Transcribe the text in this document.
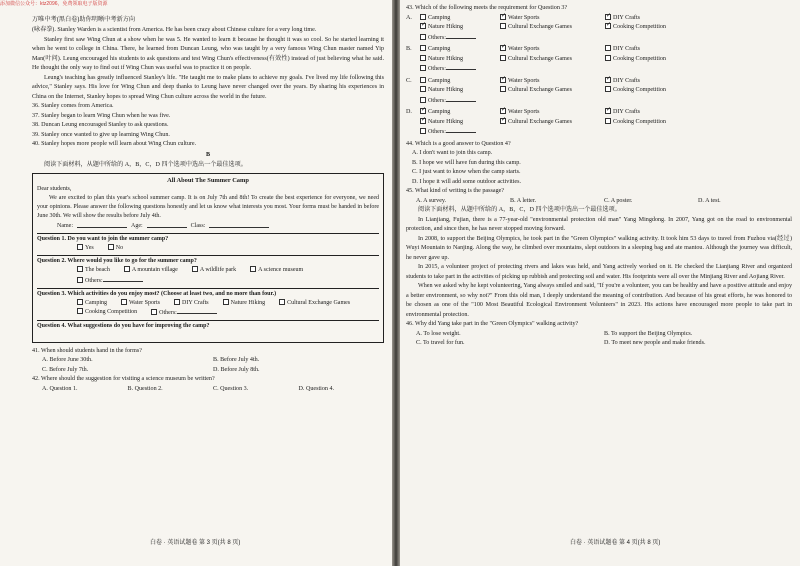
添加微信公众号：ktz2096，免费领取电子版资源
万唯中考(黑白卷)助你明晰中考新方向

(咏春拳). Stanley Warden is a scientist from America. He has been crazy about Chinese culture for a very long time.

Stanley first saw Wing Chun at a show when he was 5. He wanted to learn it because he thought it was so cool. So he started learning it when he went to college in China. There, he learned from Duncan Leung, who was taught by a very famous Wing Chun master named Yip Man(叶问). Leung encouraged his students to ask questions and test Wing Chun's effectiveness(有效性) instead of just believing what he said. He thought the only way to find out if Wing Chun was useful was to practice it on people.

Leung's teaching has greatly influenced Stanley's life. "He taught me to make plans to achieve my goals. I've lived my life following this advice," Stanley says. His love for Wing Chun and deep thanks to Leung have never changed over the years. By sharing his experiences in China on the Internet, Stanley hopes to spread Wing Chun culture across the world in the future.

36. Stanley comes from America.
37. Stanley began to learn Wing Chun when he was five.
38. Duncan Leung encouraged Stanley to ask questions.
39. Stanley once wanted to give up learning Wing Chun.
40. Stanley hopes more people will learn about Wing Chun culture.
B
阅读下面材料，从题中所给的 A，B，C，D 四个选项中选出一个最佳选项。
All About The Summer Camp
Dear students,

We are excited to plan this year's school summer camp. It is on July 7th and 8th! To create the best experience for everyone, we need your opinions. Please answer the following questions honestly and let us know what interests you most. Your forms must be handed in before June 30th. We will show the results before July 4th.

Name:	Age:	Class:
Question 1. Do you want to join the summer camp?
Yes	No
Question 2. Where would you like to go for the summer camp?
The beach	A mountain village	A wildlife park	A science museum
Others:
Question 3. Which activities do you enjoy most? (Choose at least two, and no more than four.)
Camping	Water Sports	DIY Crafts	Nature Hiking	Cultural Exchange Games
Cooking Competition	Others:
Question 4. What suggestions do you have for improving the camp?
41. When should students hand in the forms?
A. Before June 30th.	B. Before July 4th.
C. Before July 7th.	D. Before July 8th.
42. Where should the suggestion for visiting a science museum be written?
A. Question 1.	B. Question 2.	C. Question 3.	D. Question 4.
白卷 · 英语试题卷 第 3 页(共 8 页)
43. Which of the following meets the requirement for Question 3?
A.	Camping ✓	Water Sports ✓	DIY Crafts
✓Nature Hiking	Cultural Exchange Games ✓	Cooking Competition
Others:
B.	Camping ✓	Water Sports	DIY Crafts
Nature Hiking	Cultural Exchange Games	Cooking Competition
Others:
C.	Camping ✓	Water Sports ✓	DIY Crafts
Nature Hiking	Cultural Exchange Games	Cooking Competition
Others:
D. ✓	Camping ✓	Water Sports ✓	DIY Crafts
✓Nature Hiking ✓	Cultural Exchange Games	Cooking Competition
Others:
44. Which is a good answer to Question 4?
A. I don't want to join this camp.
B. I hope we will have fun during this camp.
C. I just want to know when the camp starts.
D. I hope it will add some outdoor activities.
45. What kind of writing is the passage?
A. A survey.	B. A letter.	C. A poster.	D. A test.
阅读下面材料，从题中所给的 A，B，C，D 四个选项中选出一个最佳选项。

In Lianjiang, Fujian, there is a 77-year-old "environmental protection old man" Yang Mingdong. In 2007, Yang got on the road to environmental protection, and since then, he has never stopped moving forward.

In 2008, to support the Beijing Olympics, he took part in the "Green Olympics" walking activity. It took him 53 days to travel from Fuzhou via(经过) Wuyi Mountain to Nanjing. Along the way, he climbed over mountains, slept outdoors in a sleeping bag and ate mantou. Although the journey was difficult, he never gave up.

In 2015, a volunteer project of protecting rivers and lakes was held, and Yang actively worked on it. He checked the Lianjiang River and organized students to take part in the activities of picking up rubbish and protecting soil and water. His footprints were all over the Minjiang River and Aojiang River.

When we asked why he kept volunteering, Yang always smiled and said, "If you're a volunteer, you can be healthy and have a positive attitude and enjoy a better environment, so why not?" From this old man, I deeply understand the meaning of contribution. And because of his great efforts, he was honored to be chosen as one of the "100 Most Beautiful Ecological Environment Volunteers" in 2023. His actions have encouraged more people to take part in environmental protection.

46. Why did Yang take part in the "Green Olympics" walking activity?
A. To lose weight.	B. To support the Beijing Olympics.
C. To travel for fun.	D. To meet new people and make friends.
白卷 · 英语试题卷 第 4 页(共 8 页)
